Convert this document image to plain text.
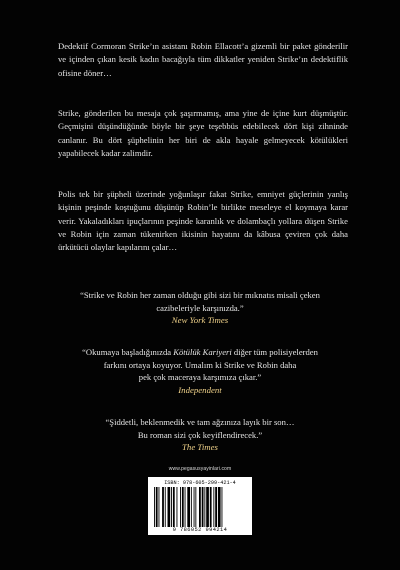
Dedektif Cormoran Strike’ın asistanı Robin Ellacott’a gizemli bir paket gönderilir ve içinden çıkan kesik kadın bacağıyla tüm dikkatler yeniden Strike’ın dedektiflik ofisine döner…

Strike, gönderilen bu mesaja çok şaşırmamış, ama yine de içine kurt düşmüştür. Geçmişini düşündüğünde böyle bir şeye teşebbüs edebilecek dört kişi zihninde canlanır. Bu dört şüphelinin her biri de akla hayale gelmeyecek kötülükleri yapabilecek kadar zalimdir.

Polis tek bir şüpheli üzerinde yoğunlaşır fakat Strike, emniyet güçlerinin yanlış kişinin peşinde koştuğunu düşünüp Robin’le birlikte meseleye el koymaya karar verir. Yakaladıkları ipuçlarının peşinde karanlık ve dolambaçlı yollara düşen Strike ve Robin için zaman tükenirken ikisinin hayatını da kâbusa çeviren çok daha ürkütücü olaylar kapılarını çalar…

“Strike ve Robin her zaman olduğu gibi sizi bir mıknatıs misali çeken
cazibeleriyle karşınızda.”
New York Times
“Okumaya başladığınızda Kötülük Kariyeri diğer tüm polisiyelerden
farkını ortaya koyuyor. Umalım ki Strike ve Robin daha
pek çok maceraya karşımıza çıkar.”
Independent
“Şiddetli, beklenmedik ve tam ağzınıza layık bir son…
Bu roman sizi çok keyiflendirecek.”
The Times
www.pegasusyayinlari.com
ISBN: 978-605-299-421-4
9 786052 994214
